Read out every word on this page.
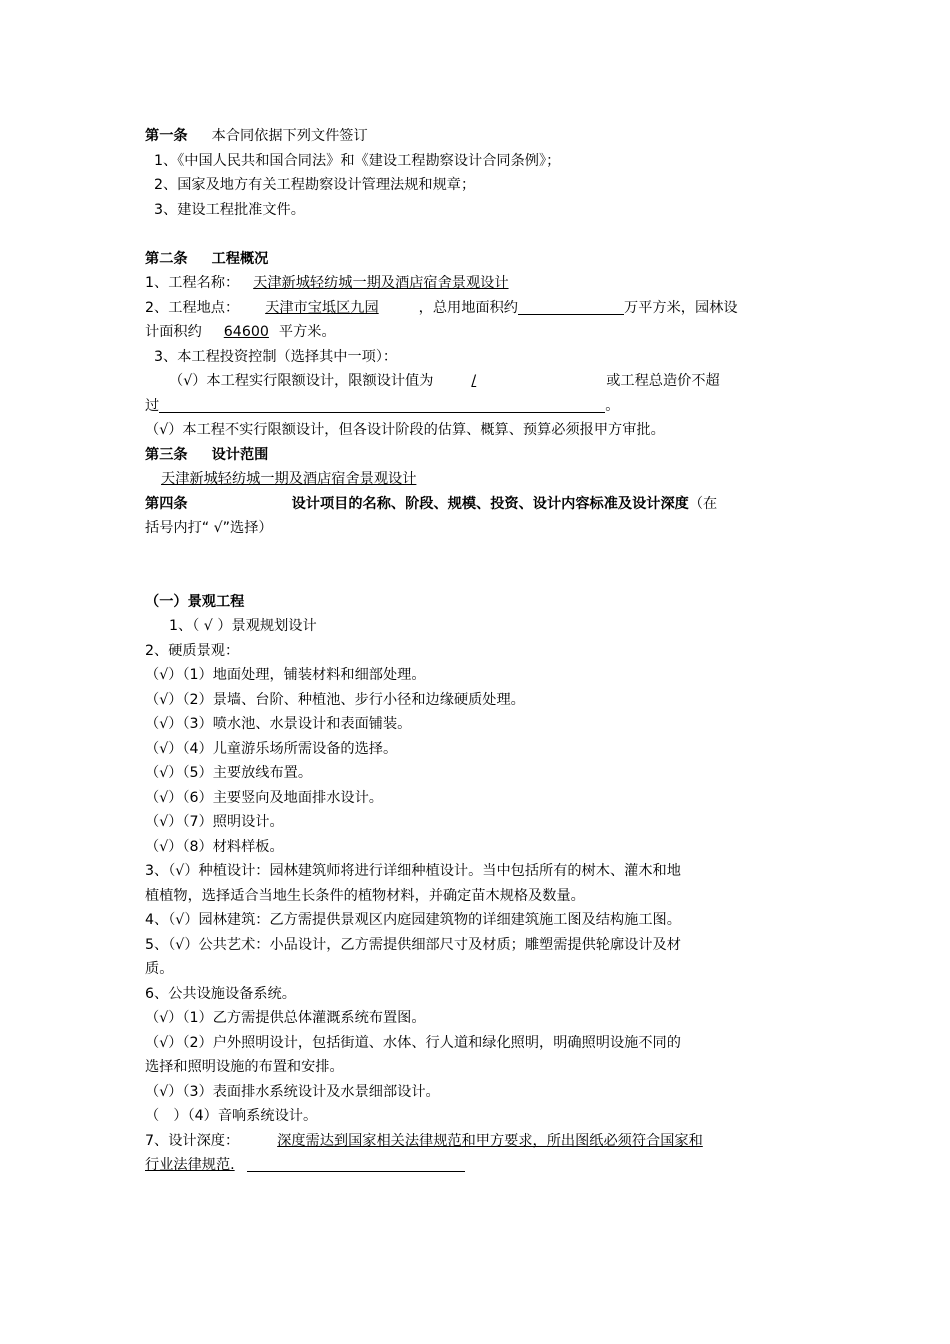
第一条 本合同依据下列文件签订
1、《中国人民共和国合同法》和《建设工程勘察设计合同条例》；
2、国家及地方有关工程勘察设计管理法规和规章；
3、建设工程批准文件。
第二条 工程概况
1、工程名称： 天津新城轻纺城一期及酒店宿舍景观设计
2、工程地点： 天津市宝坻区九园	，总用地面积约	万平方米，园林设
计面积约 64600 平方米。
3、本工程投资控制（选择其中一项）：
（√）本工程实行限额设计，限额设计值为	/	或工程总造价不超
过	。
（√）本工程不实行限额设计，但各设计阶段的估算、概算、预算必须报甲方审批。
第三条 设计范围
天津新城轻纺城一期及酒店宿舍景观设计
第四条	设计项目的名称、阶段、规模、投资、设计内容标准及设计深度（在
括号内打“ √”选择）
（一）景观工程
1、（ √ ）景观规划设计
2、硬质景观：
（√）（1）地面处理，铺装材料和细部处理。
（√）（2）景墙、台阶、种植池、步行小径和边缘硬质处理。
（√）（3）喷水池、水景设计和表面铺装。
（√）（4）儿童游乐场所需设备的选择。
（√）（5）主要放线布置。
（√）（6）主要竖向及地面排水设计。
（√）（7）照明设计。
（√）（8）材料样板。
3、（√）种植设计：园林建筑师将进行详细种植设计。当中包括所有的树木、灌木和地
植植物，选择适合当地生长条件的植物材料，并确定苗木规格及数量。
4、（√）园林建筑：乙方需提供景观区内庭园建筑物的详细建筑施工图及结构施工图。
5、（√）公共艺术：小品设计，乙方需提供细部尺寸及材质；雕塑需提供轮廓设计及材
质。
6、公共设施设备系统。
（√）（1）乙方需提供总体灌溉系统布置图。
（√）（2）户外照明设计，包括街道、水体、行人道和绿化照明，明确照明设施不同的
选择和照明设施的布置和安排。
（√）（3）表面排水系统设计及水景细部设计。
（　）（4）音响系统设计。
7、设计深度：	深度需达到国家相关法律规范和甲方要求，所出图纸必须符合国家和
行业法律规范.
